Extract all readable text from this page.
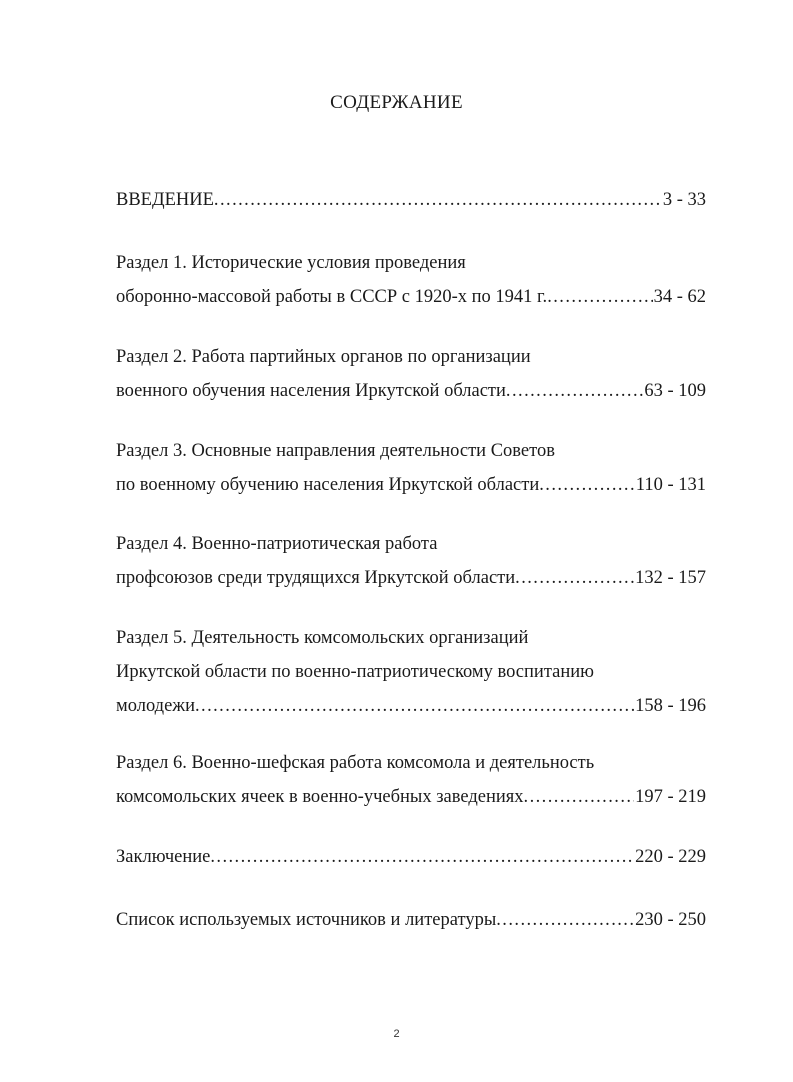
СОДЕРЖАНИЕ
ВВЕДЕНИЕ . . .	3 - 33
Раздел 1. Исторические условия проведения
оборонно-массовой работы в СССР с 1920-х по 1941 г. . . .	34 - 62
Раздел 2. Работа партийных органов по организации
военного обучения населения Иркутской области . . .	63 - 109
Раздел 3. Основные направления деятельности Советов
по военному обучению населения Иркутской области . . .	110 - 131
Раздел 4. Военно-патриотическая работа
профсоюзов среди трудящихся Иркутской области . . .	132 - 157
Раздел 5. Деятельность комсомольских организаций
Иркутской области по военно-патриотическому воспитанию
молодежи . . .	158 - 196
Раздел 6. Военно-шефская работа комсомола и деятельность
комсомольских ячеек в военно-учебных заведениях . . .	197 - 219
Заключение . . .	220 - 229
Список используемых источников и литературы . . .	230 - 250
2
